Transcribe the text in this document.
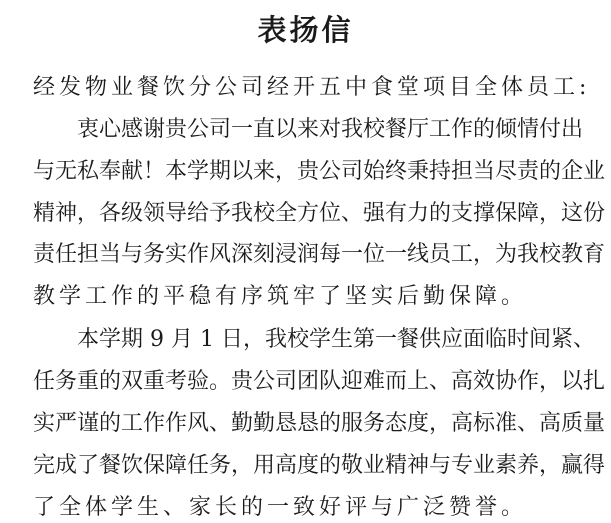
表扬信
经发物业餐饮分公司经开五中食堂项目全体员工:
衷心感谢贵公司一直以来对我校餐厅工作的倾情付出
与无私奉献！本学期以来，贵公司始终秉持担当尽责的企业
精神，各级领导给予我校全方位、强有力的支撑保障，这份
责任担当与务实作风深刻浸润每一位一线员工，为我校教育
教学工作的平稳有序筑牢了坚实后勤保障。
本学期 9 月 1 日，我校学生第一餐供应面临时间紧、
任务重的双重考验。贵公司团队迎难而上、高效协作，以扎
实严谨的工作作风、勤勤恳恳的服务态度，高标准、高质量
完成了餐饮保障任务，用高度的敬业精神与专业素养，赢得
了全体学生、家长的一致好评与广泛赞誉。
